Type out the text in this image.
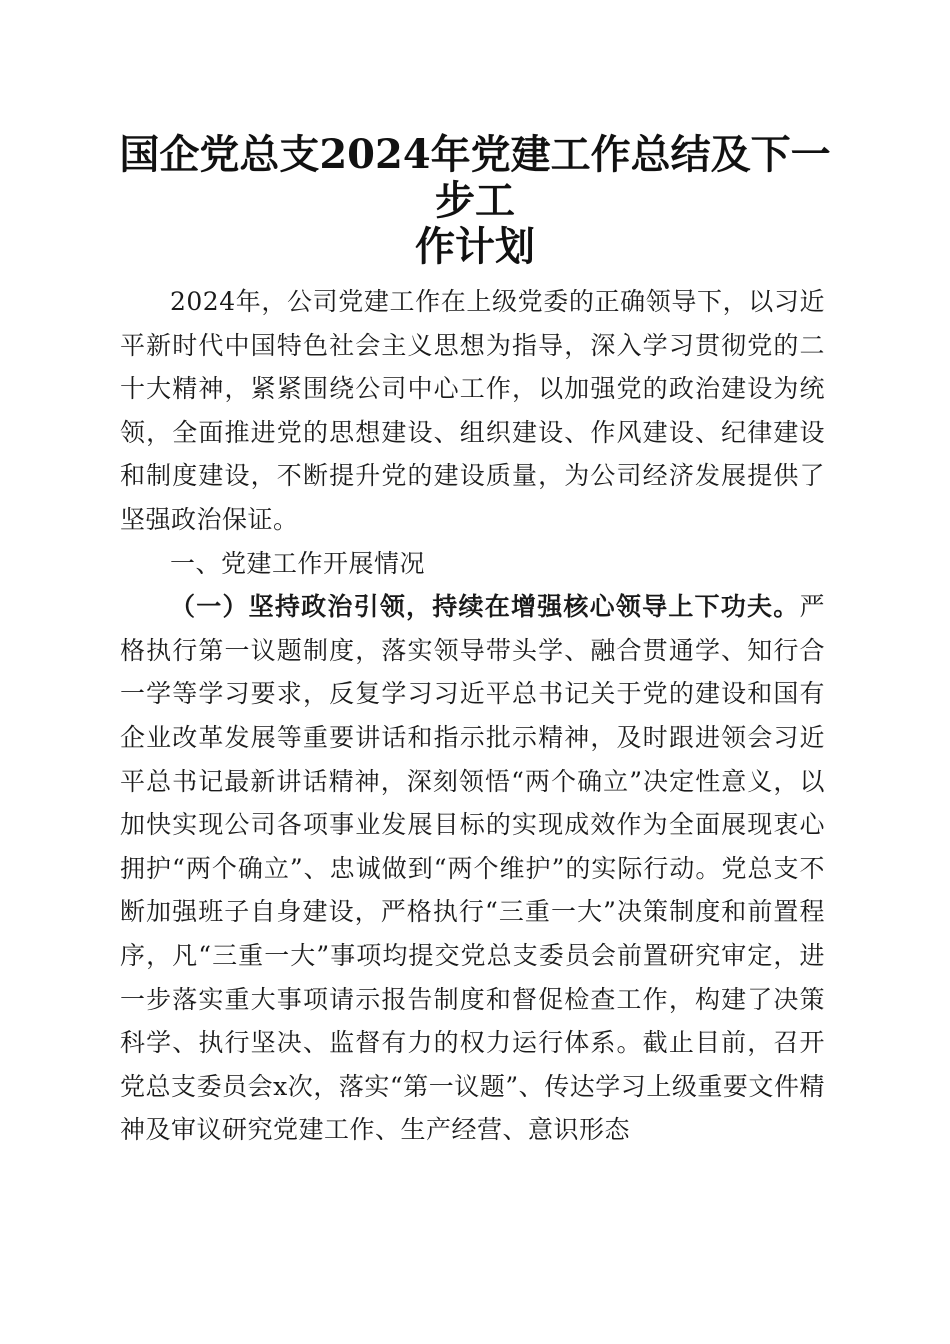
国企党总支2024年党建工作总结及下一步工
作计划

2024年，公司党建工作在上级党委的正确领导下，以习近平新时代中国特色社会主义思想为指导，深入学习贯彻党的二十大精神，紧紧围绕公司中心工作，以加强党的政治建设为统领，全面推进党的思想建设、组织建设、作风建设、纪律建设和制度建设，不断提升党的建设质量，为公司经济发展提供了坚强政治保证。

一、党建工作开展情况

（一）坚持政治引领，持续在增强核心领导上下功夫。严格执行第一议题制度，落实领导带头学、融合贯通学、知行合一学等学习要求，反复学习习近平总书记关于党的建设和国有企业改革发展等重要讲话和指示批示精神，及时跟进领会习近平总书记最新讲话精神，深刻领悟“两个确立”决定性意义，以加快实现公司各项事业发展目标的实现成效作为全面展现衷心拥护“两个确立”、忠诚做到“两个维护”的实际行动。党总支不断加强班子自身建设，严格执行“三重一大”决策制度和前置程序，凡“三重一大”事项均提交党总支委员会前置研究审定，进一步落实重大事项请示报告制度和督促检查工作，构建了决策科学、执行坚决、监督有力的权力运行体系。截止目前，召开党总支委员会x次，落实“第一议题”、传达学习上级重要文件精神及审议研究党建工作、生产经营、意识形态
